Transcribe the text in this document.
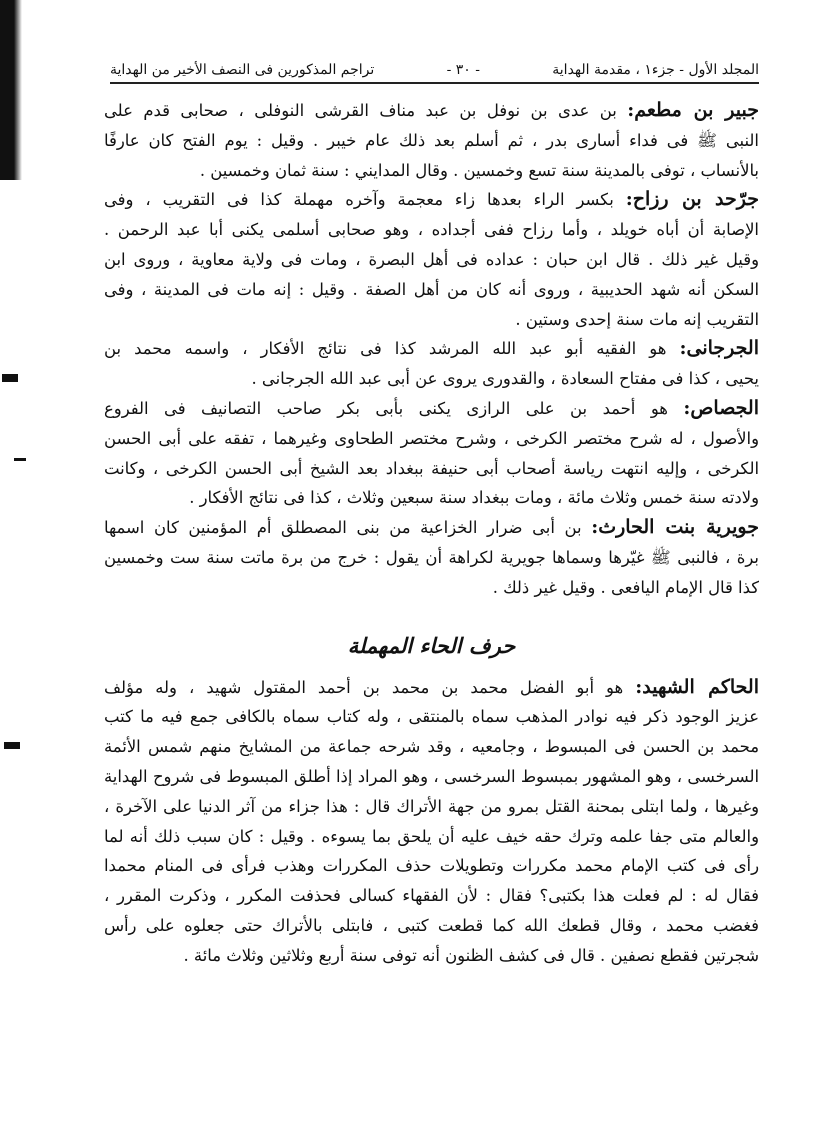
المجلد الأول - جزء١ ، مقدمة الهداية
- ٣٠ -
تراجم المذكورين فى النصف الأخير من الهداية
جبير بن مطعم: بن عدى بن نوفل بن عبد مناف القرشى النوفلى ، صحابى قدم على
النبى ﷺ فى فداء أسارى بدر ، ثم أسلم بعد ذلك عام خيبر . وقيل : يوم الفتح كان عارفًا
بالأنساب ، توفى بالمدينة سنة تسع وخمسين . وقال المدايني : سنة ثمان وخمسين .
جرّحد بن رزاح: بكسر الراء بعدها زاء معجمة وآخره مهملة كذا فى التقريب ، وفى
الإصابة أن أباه خويلد ، وأما رزاح ففى أجداده ، وهو صحابى أسلمى يكنى أبا عبد الرحمن .
وقيل غير ذلك . قال ابن حبان : عداده فى أهل البصرة ، ومات فى ولاية معاوية ، وروى ابن
السكن أنه شهد الحديبية ، وروى أنه كان من أهل الصفة . وقيل : إنه مات فى المدينة ، وفى
التقريب إنه مات سنة إحدى وستين .
الجرجانى: هو الفقيه أبو عبد الله المرشد كذا فى نتائج الأفكار ، واسمه محمد بن
يحيى ، كذا فى مفتاح السعادة ، والقدورى يروى عن أبى عبد الله الجرجانى .
الجصاص: هو أحمد بن على الرازى يكنى بأبى بكر صاحب التصانيف فى الفروع
والأصول ، له شرح مختصر الكرخى ، وشرح مختصر الطحاوى وغيرهما ، تفقه على أبى الحسن
الكرخى ، وإليه انتهت رياسة أصحاب أبى حنيفة ببغداد بعد الشيخ أبى الحسن الكرخى ، وكانت
ولادته سنة خمس وثلاث مائة ، ومات ببغداد سنة سبعين وثلاث ، كذا فى نتائج الأفكار .
جويرية بنت الحارث: بن أبى ضرار الخزاعية من بنى المصطلق أم المؤمنين كان اسمها
برة ، فالنبى ﷺ غيّرها وسماها جويرية لكراهة أن يقول : خرج من برة ماتت سنة ست وخمسين
كذا قال الإمام اليافعى . وقيل غير ذلك .
حرف الحاء المهملة
الحاكم الشهيد: هو أبو الفضل محمد بن محمد بن أحمد المقتول شهيد ، وله مؤلف
عزيز الوجود ذكر فيه نوادر المذهب سماه بالمنتقى ، وله كتاب سماه بالكافى جمع فيه ما كتب
محمد بن الحسن فى المبسوط ، وجامعيه ، وقد شرحه جماعة من المشايخ منهم شمس الأئمة
السرخسى ، وهو المشهور بمبسوط السرخسى ، وهو المراد إذا أطلق المبسوط فى شروح الهداية
وغيرها ، ولما ابتلى بمحنة القتل بمرو من جهة الأتراك قال : هذا جزاء من آثر الدنيا على الآخرة ،
والعالم متى جفا علمه وترك حقه خيف عليه أن يلحق بما يسوءه . وقيل : كان سبب ذلك أنه لما
رأى فى كتب الإمام محمد مكررات وتطويلات حذف المكررات وهذب فرأى فى المنام محمدا
فقال له : لم فعلت هذا بكتبى؟ فقال : لأن الفقهاء كسالى فحذفت المكرر ، وذكرت المقرر ،
فغضب محمد ، وقال قطعك الله كما قطعت كتبى ، فابتلى بالأتراك حتى جعلوه على رأس
شجرتين فقطع نصفين . قال فى كشف الظنون أنه توفى سنة أربع وثلاثين وثلاث مائة .
